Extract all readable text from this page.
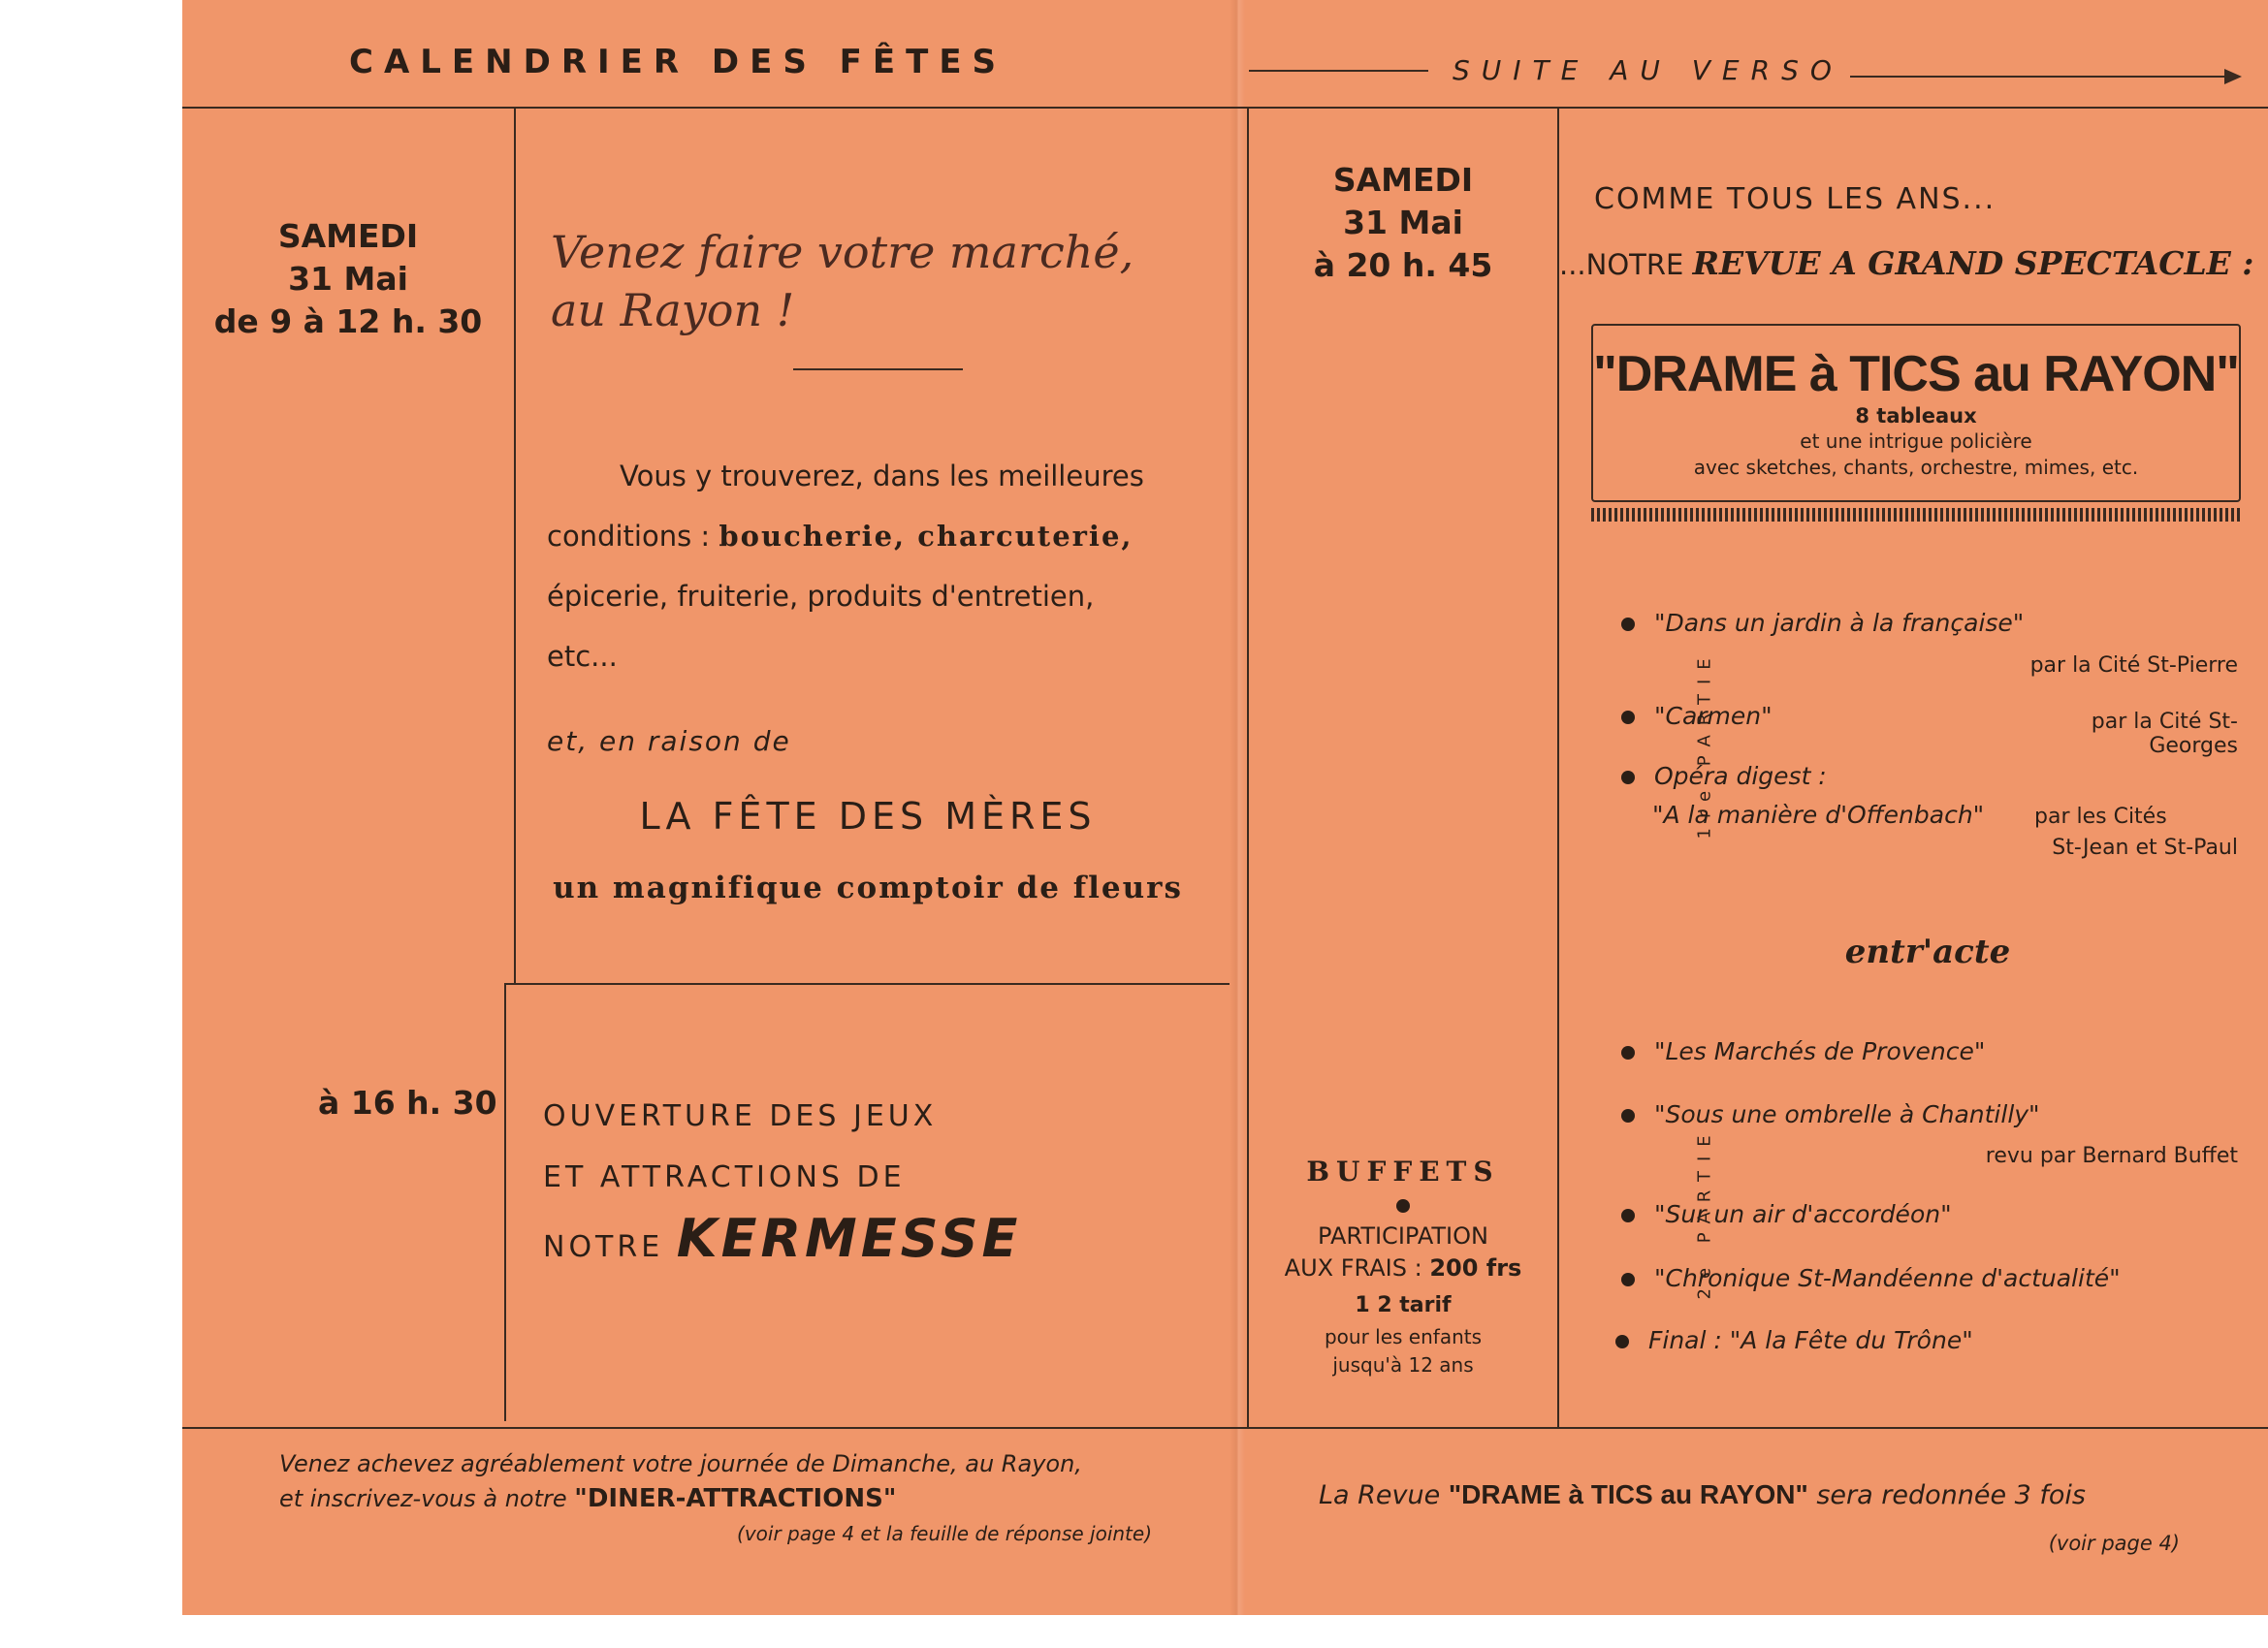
CALENDRIER DES FÊTES	SUITE AU VERSO
SAMEDI
31 Mai
de 9 à 12 h. 30
Venez faire votre marché,
au Rayon !
Vous y trouverez, dans les meilleures
conditions : boucherie, charcuterie,
épicerie, fruiterie, produits d'entretien,
etc...
et, en raison de
LA FÊTE DES MÈRES
un magnifique comptoir de fleurs
à 16 h. 30 OUVERTURE DES JEUX
ET ATTRACTIONS DE
NOTRE KERMESSE
SAMEDI
31 Mai
à 20 h. 45
BUFFETS
PARTICIPATION
AUX FRAIS : 200 frs
1 2 tarif
pour les enfants
jusqu'à 12 ans
COMME TOUS LES ANS...
...NOTRE REVUE A GRAND SPECTACLE :
"DRAME à TICS au RAYON"
8 tableaux
et une intrigue policière
avec sketches, chants, orchestre, mimes, etc.
1re PARTIE
"Dans un jardin à la française"
par la Cité St-Pierre
"Carmen"	par la Cité St-Georges
Opéra digest :
"A la manière d'Offenbach" par les Cités
St-Jean et St-Paul
entr'acte
2e PARTIE
"Les Marchés de Provence"
"Sous une ombrelle à Chantilly"
revu par Bernard Buffet
"Sur un air d'accordéon"
"Chronique St-Mandéenne d'actualité"
Final : "A la Fête du Trône"
Venez achevez agréablement votre journée de Dimanche, au Rayon,
et inscrivez-vous à notre "DINER-ATTRACTIONS"
(voir page 4 et la feuille de réponse jointe)
La Revue "DRAME à TICS au RAYON" sera redonnée 3 fois
(voir page 4)
